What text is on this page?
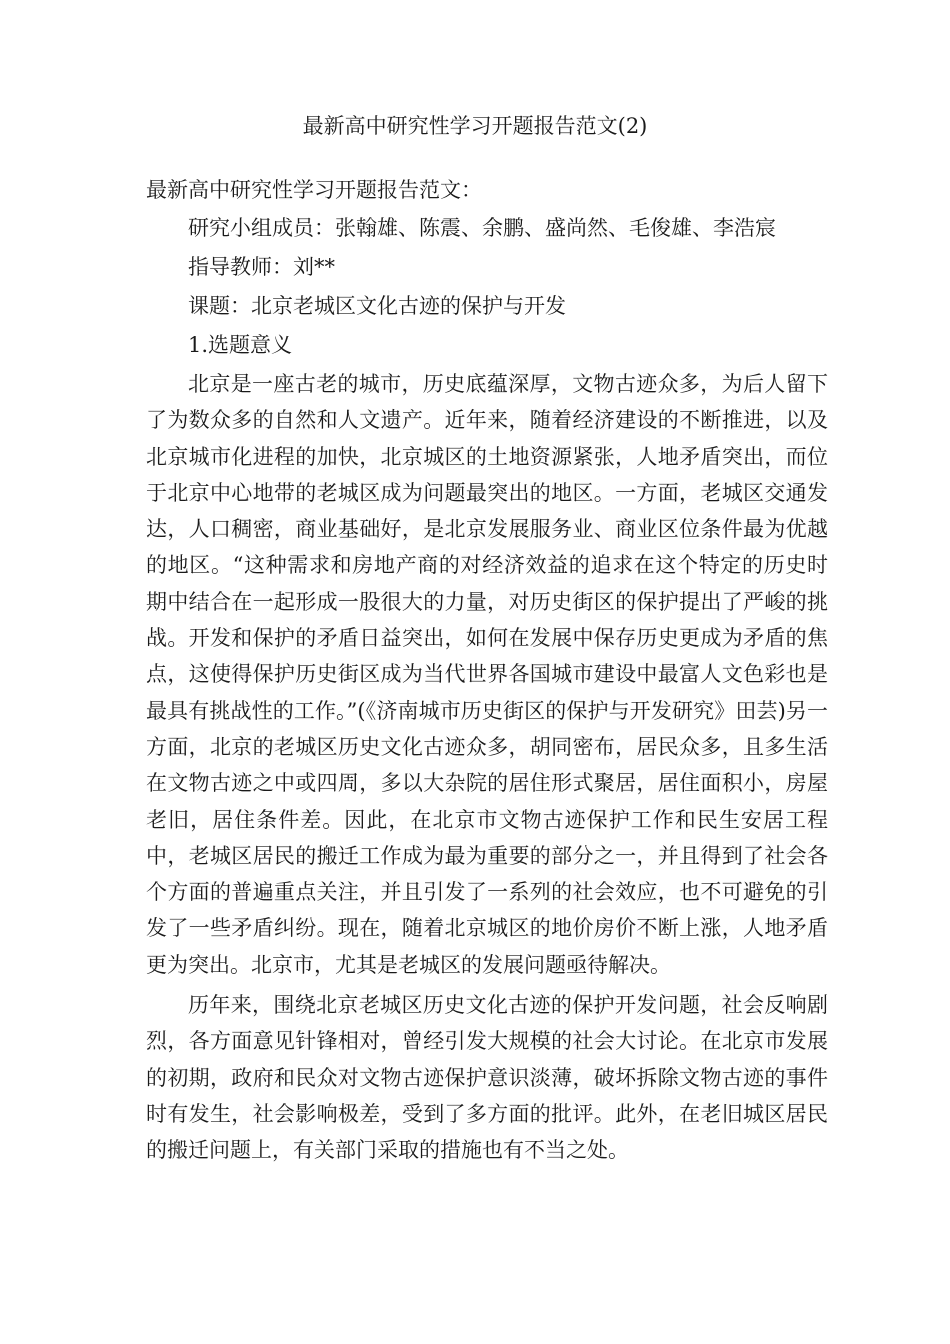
最新高中研究性学习开题报告范文(2)

最新高中研究性学习开题报告范文：

研究小组成员：张翰雄、陈震、余鹏、盛尚然、毛俊雄、李浩宸

指导教师：刘**

课题：北京老城区文化古迹的保护与开发

1.选题意义

北京是一座古老的城市，历史底蕴深厚，文物古迹众多，为后人留下了为数众多的自然和人文遗产。近年来，随着经济建设的不断推进，以及北京城市化进程的加快，北京城区的土地资源紧张，人地矛盾突出，而位于北京中心地带的老城区成为问题最突出的地区。一方面，老城区交通发达，人口稠密，商业基础好，是北京发展服务业、商业区位条件最为优越的地区。“这种需求和房地产商的对经济效益的追求在这个特定的历史时期中结合在一起形成一股很大的力量，对历史街区的保护提出了严峻的挑战。开发和保护的矛盾日益突出，如何在发展中保存历史更成为矛盾的焦点，这使得保护历史街区成为当代世界各国城市建设中最富人文色彩也是最具有挑战性的工作。”(《济南城市历史街区的保护与开发研究》田芸)另一方面，北京的老城区历史文化古迹众多，胡同密布，居民众多，且多生活在文物古迹之中或四周，多以大杂院的居住形式聚居，居住面积小，房屋老旧，居住条件差。因此，在北京市文物古迹保护工作和民生安居工程中，老城区居民的搬迁工作成为最为重要的部分之一，并且得到了社会各个方面的普遍重点关注，并且引发了一系列的社会效应，也不可避免的引发了一些矛盾纠纷。现在，随着北京城区的地价房价不断上涨，人地矛盾更为突出。北京市，尤其是老城区的发展问题亟待解决。

历年来，围绕北京老城区历史文化古迹的保护开发问题，社会反响剧烈，各方面意见针锋相对，曾经引发大规模的社会大讨论。在北京市发展的初期，政府和民众对文物古迹保护意识淡薄，破坏拆除文物古迹的事件时有发生，社会影响极差，受到了多方面的批评。此外，在老旧城区居民的搬迁问题上，有关部门采取的措施也有不当之处。
